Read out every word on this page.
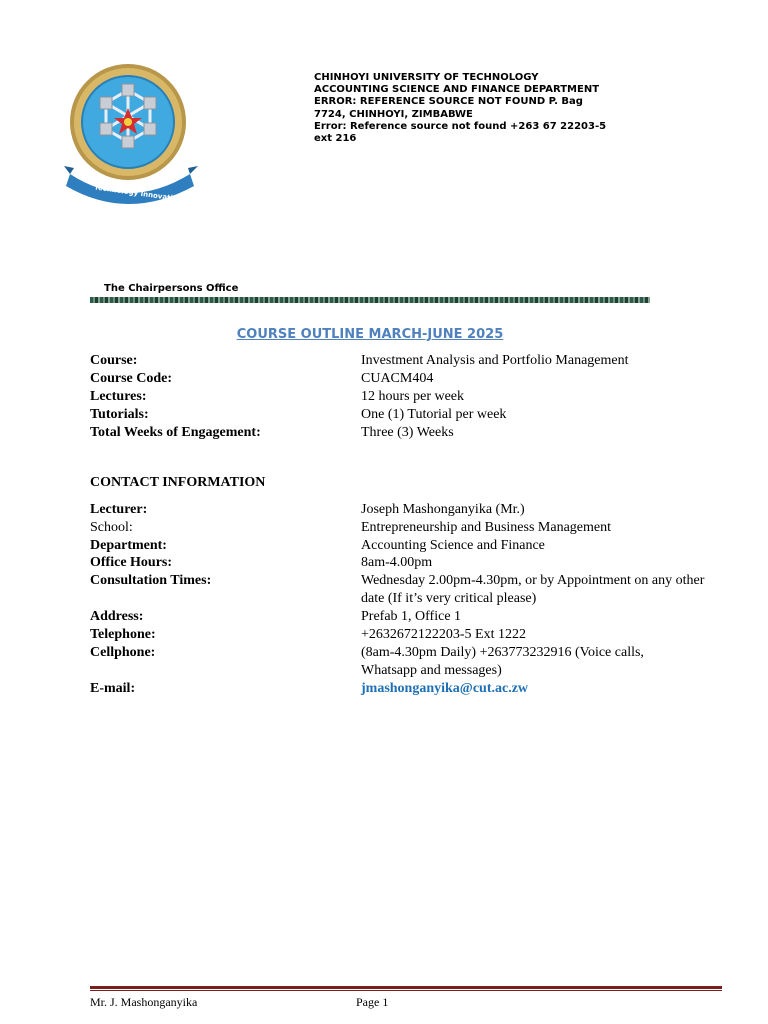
Technology Innovation Wealth
CHINHOYI UNIVERSITY OF TECHNOLOGY
ACCOUNTING SCIENCE AND FINANCE DEPARTMENT
ERROR: REFERENCE SOURCE NOT FOUND P. Bag
7724, CHINHOYI, ZIMBABWE
Error: Reference source not found +263 67 22203-5
ext 216
The Chairpersons Office
COURSE OUTLINE MARCH-JUNE 2025
Course:	Investment Analysis and Portfolio Management
Course Code:	CUACM404
Lectures:	12 hours per week
Tutorials:	One (1) Tutorial per week
Total Weeks of Engagement:	Three (3) Weeks
CONTACT INFORMATION
Lecturer:	Joseph Mashonganyika (Mr.)
School:	Entrepreneurship and Business Management
Department:	Accounting Science and Finance
Office Hours:	8am-4.00pm
Consultation Times:	Wednesday 2.00pm-4.30pm, or by Appointment on any other date (If it’s very critical please)
Address:	Prefab 1, Office 1
Telephone:	+2632672122203-5 Ext 1222
Cellphone:	(8am-4.30pm Daily) +263773232916 (Voice calls, Whatsapp and messages)
E-mail:	jmashonganyika@cut.ac.zw
Mr. J. Mashonganyika	Page 1
